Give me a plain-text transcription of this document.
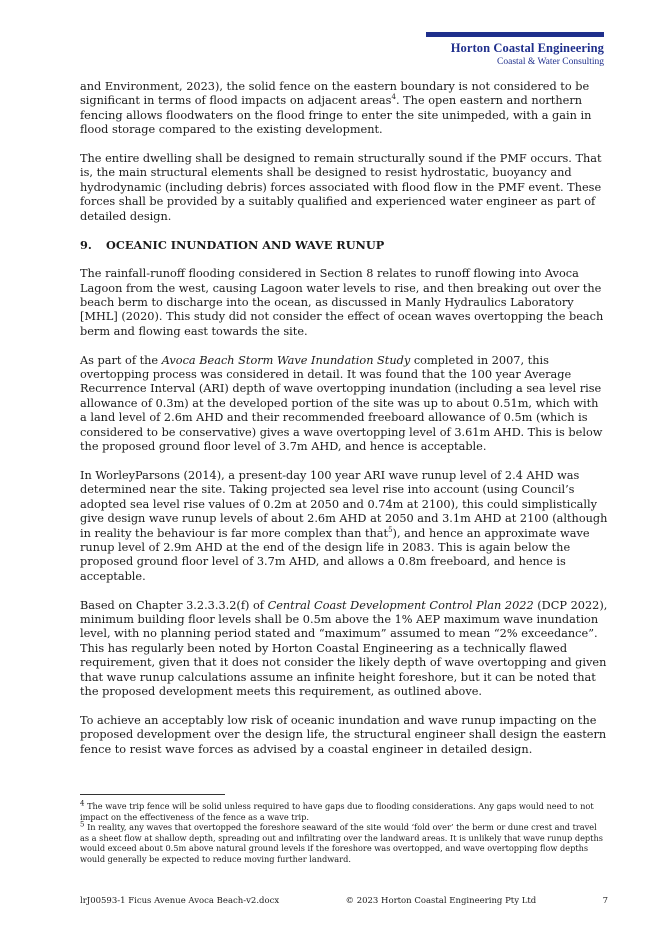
Horton Coastal Engineering
Coastal & Water Consulting

and Environment, 2023), the solid fence on the eastern boundary is not considered to be significant in terms of flood impacts on adjacent areas$^4$. The open eastern and northern fencing allows floodwaters on the flood fringe to enter the site unimpeded, with a gain in flood storage compared to the existing development.

The entire dwelling shall be designed to remain structurally sound if the PMF occurs. That is, the main structural elements shall be designed to resist hydrostatic, buoyancy and hydrodynamic (including debris) forces associated with flood flow in the PMF event. These forces shall be provided by a suitably qualified and experienced water engineer as part of detailed design.

9.	OCEANIC INUNDATION AND WAVE RUNUP

The rainfall-runoff flooding considered in Section 8 relates to runoff flowing into Avoca Lagoon from the west, causing Lagoon water levels to rise, and then breaking out over the beach berm to discharge into the ocean, as discussed in Manly Hydraulics Laboratory [MHL] (2020). This study did not consider the effect of ocean waves overtopping the beach berm and flowing east towards the site.

As part of the Avoca Beach Storm Wave Inundation Study completed in 2007, this overtopping process was considered in detail. It was found that the 100 year Average Recurrence Interval (ARI) depth of wave overtopping inundation (including a sea level rise allowance of 0.3m) at the developed portion of the site was up to about 0.51m, which with a land level of 2.6m AHD and their recommended freeboard allowance of 0.5m (which is considered to be conservative) gives a wave overtopping level of 3.61m AHD. This is below the proposed ground floor level of 3.7m AHD, and hence is acceptable.

In WorleyParsons (2014), a present-day 100 year ARI wave runup level of 2.4 AHD was determined near the site. Taking projected sea level rise into account (using Council’s adopted sea level rise values of 0.2m at 2050 and 0.74m at 2100), this could simplistically give design wave runup levels of about 2.6m AHD at 2050 and 3.1m AHD at 2100 (although in reality the behaviour is far more complex than that$^5$), and hence an approximate wave runup level of 2.9m AHD at the end of the design life in 2083. This is again below the proposed ground floor level of 3.7m AHD, and allows a 0.8m freeboard, and hence is acceptable.

Based on Chapter 3.2.3.3.2(f) of Central Coast Development Control Plan 2022 (DCP 2022), minimum building floor levels shall be 0.5m above the 1% AEP maximum wave inundation level, with no planning period stated and “maximum” assumed to mean “2% exceedance”. This has regularly been noted by Horton Coastal Engineering as a technically flawed requirement, given that it does not consider the likely depth of wave overtopping and given that wave runup calculations assume an infinite height foreshore, but it can be noted that the proposed development meets this requirement, as outlined above.

To achieve an acceptably low risk of oceanic inundation and wave runup impacting on the proposed development over the design life, the structural engineer shall design the eastern fence to resist wave forces as advised by a coastal engineer in detailed design.

$^4$ The wave trip fence will be solid unless required to have gaps due to flooding considerations. Any gaps would need to not impact on the effectiveness of the fence as a wave trip.

$^5$ In reality, any waves that overtopped the foreshore seaward of the site would ‘fold over’ the berm or dune crest and travel as a sheet flow at shallow depth, spreading out and infiltrating over the landward areas. It is unlikely that wave runup depths would exceed about 0.5m above natural ground levels if the foreshore was overtopped, and wave overtopping flow depths would generally be expected to reduce moving further landward.

lrJ00593-1 Ficus Avenue Avoca Beach-v2.docx	© 2023 Horton Coastal Engineering Pty Ltd	7
